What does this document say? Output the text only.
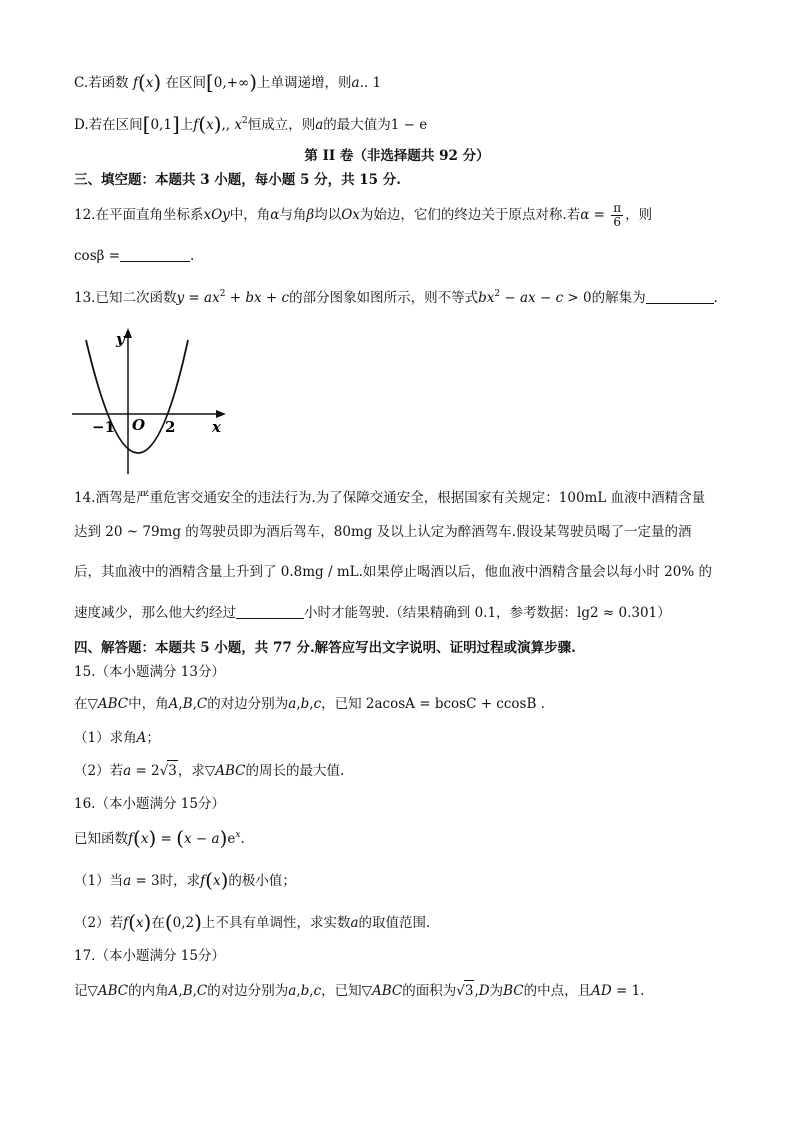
C.若函数 f(x) 在区间[0,+∞)上单调递增，则a.. 1
D.若在区间[0,1]上f(x),, $x^2$恒成立，则a的最大值为1 − e
第 II 卷（非选择题共 92 分）
三、填空题：本题共 3 小题，每小题 5 分，共 15 分.
12.在平面直角坐标系xOy中，角α与角β均以Ox为始边，它们的终边关于原点对称.若$\alpha = \frac{\pi}{6}$ ，则
cosβ =	.
13.已知二次函数$y = ax^2$ + bx + c的部分图象如图所示，则不等式$bx^2$ − ax − c > 0的解集为	.
y
x
−1 O 2
14.酒驾是严重危害交通安全的违法行为.为了保障交通安全，根据国家有关规定：100mL 血液中酒精含量
达到 20 ~ 79mg 的驾驶员即为酒后驾车，80mg 及以上认定为醉酒驾车.假设某驾驶员喝了一定量的酒
后，其血液中的酒精含量上升到了 0.8mg / mL.如果停止喝酒以后，他血液中酒精含量会以每小时 20% 的
速度减少，那么他大约经过	小时才能驾驶.（结果精确到 0.1，参考数据：lg2 ≈ 0.301）
四、解答题：本题共 5 小题，共 77 分.解答应写出文字说明、证明过程或演算步骤.
15.（本小题满分 13分）
在▽ABC中，角A,B,C的对边分别为a,b,c，已知 2acosA = bcosC + ccosB .
（1）求角A；
（2）若a = 2√3，求▽ABC的周长的最大值.
16.（本小题满分 15分）
已知函数$f(x) = (x - a)e^x$.
（1）当a = 3时，求f(x)的极小值；
（2）若f(x)在(0,2)上不具有单调性，求实数a的取值范围.
17.（本小题满分 15分）
记▽ABC的内角A,B,C的对边分别为a,b,c，已知▽ABC的面积为√3,D为BC的中点，且AD = 1.
